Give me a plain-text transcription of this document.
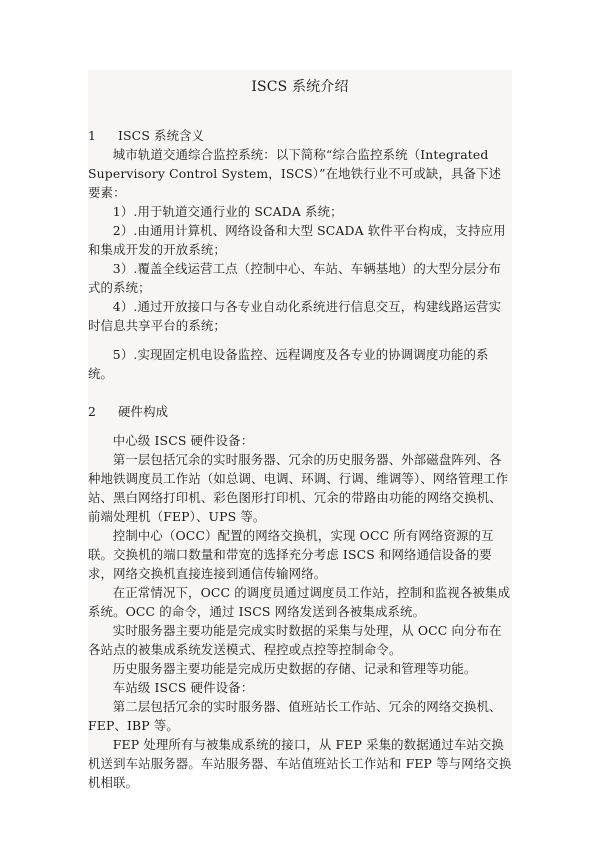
ISCS 系统介绍
1 ISCS 系统含义

城市轨道交通综合监控系统：以下简称“综合监控系统（Integrated Supervisory Control System，ISCS）”在地铁行业不可或缺，具备下述要素：

1）.用于轨道交通行业的 SCADA 系统；

2）.由通用计算机、网络设备和大型 SCADA 软件平台构成，支持应用和集成开发的开放系统；

3）.覆盖全线运营工点（控制中心、车站、车辆基地）的大型分层分布式的系统；

4）.通过开放接口与各专业自动化系统进行信息交互，构建线路运营实时信息共享平台的系统；

5）.实现固定机电设备监控、远程调度及各专业的协调调度功能的系统。

2 硬件构成

中心级 ISCS 硬件设备：

第一层包括冗余的实时服务器、冗余的历史服务器、外部磁盘阵列、各种地铁调度员工作站（如总调、电调、环调、行调、维调等）、网络管理工作站、黑白网络打印机、彩色图形打印机、冗余的带路由功能的网络交换机、前端处理机（FEP）、UPS 等。

控制中心（OCC）配置的网络交换机，实现 OCC 所有网络资源的互联。交换机的端口数量和带宽的选择充分考虑 ISCS 和网络通信设备的要求，网络交换机直接连接到通信传输网络。

在正常情况下，OCC 的调度员通过调度员工作站，控制和监视各被集成系统。OCC 的命令，通过 ISCS 网络发送到各被集成系统。

实时服务器主要功能是完成实时数据的采集与处理，从 OCC 向分布在各站点的被集成系统发送模式、程控或点控等控制命令。

历史服务器主要功能是完成历史数据的存储、记录和管理等功能。

车站级 ISCS 硬件设备：

第二层包括冗余的实时服务器、值班站长工作站、冗余的网络交换机、FEP、IBP 等。

FEP 处理所有与被集成系统的接口，从 FEP 采集的数据通过车站交换机送到车站服务器。车站服务器、车站值班站长工作站和 FEP 等与网络交换机相联。
